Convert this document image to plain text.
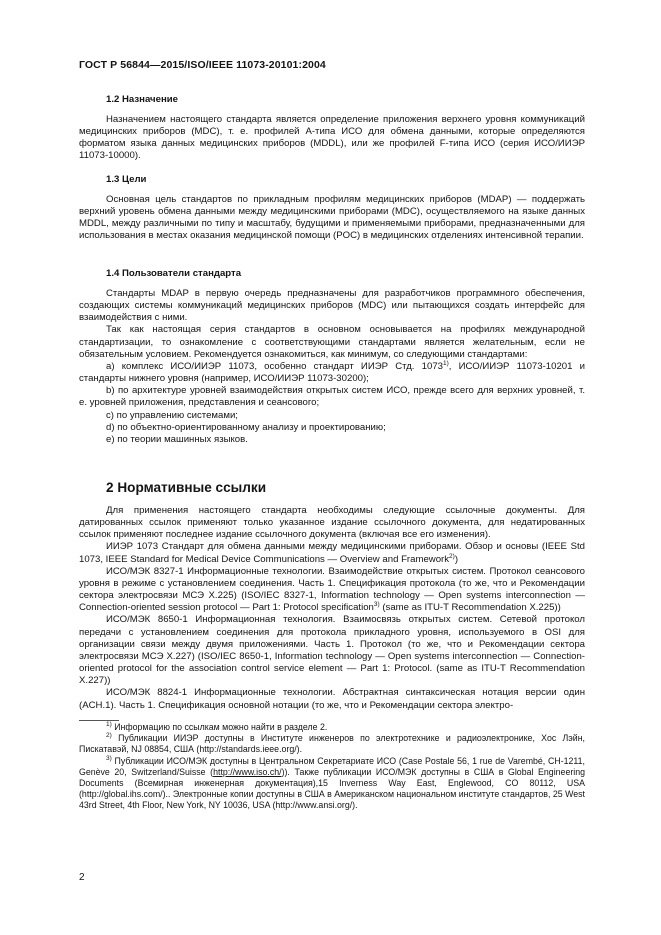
ГОСТ Р 56844—2015/ISO/IEEE 11073-20101:2004
1.2 Назначение

Назначением настоящего стандарта является определение приложения верхнего уровня коммуникаций медицинских приборов (MDC), т. е. профилей А-типа ИСО для обмена данными, которые определяются форматом языка данных медицинских приборов (MDDL), или же профилей F-типа ИСО (серия ИСО/ИИЭР 11073-10000).

1.3 Цели

Основная цель стандартов по прикладным профилям медицинских приборов (MDAP) — поддержать верхний уровень обмена данными между медицинскими приборами (MDC), осуществляемого на языке данных MDDL, между различными по типу и масштабу, будущими и применяемыми приборами, предназначенными для использования в местах оказания медицинской помощи (POC) в медицинских отделениях интенсивной терапии.

1.4 Пользователи стандарта

Стандарты MDAP в первую очередь предназначены для разработчиков программного обеспечения, создающих системы коммуникаций медицинских приборов (MDC) или пытающихся создать интерфейс для взаимодействия с ними.

Так как настоящая серия стандартов в основном основывается на профилях международной стандартизации, то ознакомление с соответствующими стандартами является желательным, если не обязательным условием. Рекомендуется ознакомиться, как минимум, со следующими стандартами:

a) комплекс ИСО/ИИЭР 11073, особенно стандарт ИИЭР Стд. 1073$^{1)}$, ИСО/ИИЭР 11073-10201 и стандарты нижнего уровня (например, ИСО/ИИЭР 11073-30200);

b) по архитектуре уровней взаимодействия открытых систем ИСО, прежде всего для верхних уровней, т. е. уровней приложения, представления и сеансового;

c) по управлению системами;

d) по объектно-ориентированному анализу и проектированию;

e) по теории машинных языков.

2 Нормативные ссылки

Для применения настоящего стандарта необходимы следующие ссылочные документы. Для датированных ссылок применяют только указанное издание ссылочного документа, для недатированных ссылок применяют последнее издание ссылочного документа (включая все его изменения).

ИИЭР 1073 Стандарт для обмена данными между медицинскими приборами. Обзор и основы (IEEE Std 1073, IEEE Standard for Medical Device Communications — Overview and Framework$^{2)}$)

ИСО/МЭК 8327-1 Информационные технологии. Взаимодействие открытых систем. Протокол сеансового уровня в режиме с установлением соединения. Часть 1. Спецификация протокола (то же, что и Рекомендации сектора электросвязи МСЭ X.225) (ISO/IEC 8327-1, Information technology — Open systems interconnection — Connection-oriented session protocol — Part 1: Protocol specification$^{3)}$ (same as ITU-T Recommendation X.225))

ИСО/МЭК 8650-1 Информационная технология. Взаимосвязь открытых систем. Сетевой протокол передачи с установлением соединения для протокола прикладного уровня, используемого в OSI для организации связи между двумя приложениями. Часть 1. Протокол (то же, что и Рекомендации сектора электросвязи МСЭ X.227) (ISO/IEC 8650-1, Information technology — Open systems interconnection — Connection-oriented protocol for the association control service element — Part 1: Protocol. (same as ITU-T Recommendation X.227))

ИСО/МЭК 8824-1 Информационные технологии. Абстрактная синтаксическая нотация версии один (ACH.1). Часть 1. Спецификация основной нотации (то же, что и Рекомендации сектора электро-

$^{1)}$ Информацию по ссылкам можно найти в разделе 2.

$^{2)}$ Публикации ИИЭР доступны в Институте инженеров по электротехнике и радиоэлектронике, Хос Лэйн, Пискатавэй, NJ 08854, США (http://standards.ieee.org/).

$^{3)}$ Публикации ИСО/МЭК доступны в Центральном Секретариате ИСО (Case Postale 56, 1 rue de Varembé, CH-1211, Genève 20, Switzerland/Suisse (http://www.iso.ch/)). Также публикации ИСО/МЭК доступны в США в Global Engineering Documents (Всемирная инженерная документация),15 Inverness Way East, Englewood, CO 80112, USA (http://global.ihs.com/).. Электронные копии доступны в США в Американском национальном институте стандартов, 25 West 43rd Street, 4th Floor, New York, NY 10036, USA (http://www.ansi.org/).

2
